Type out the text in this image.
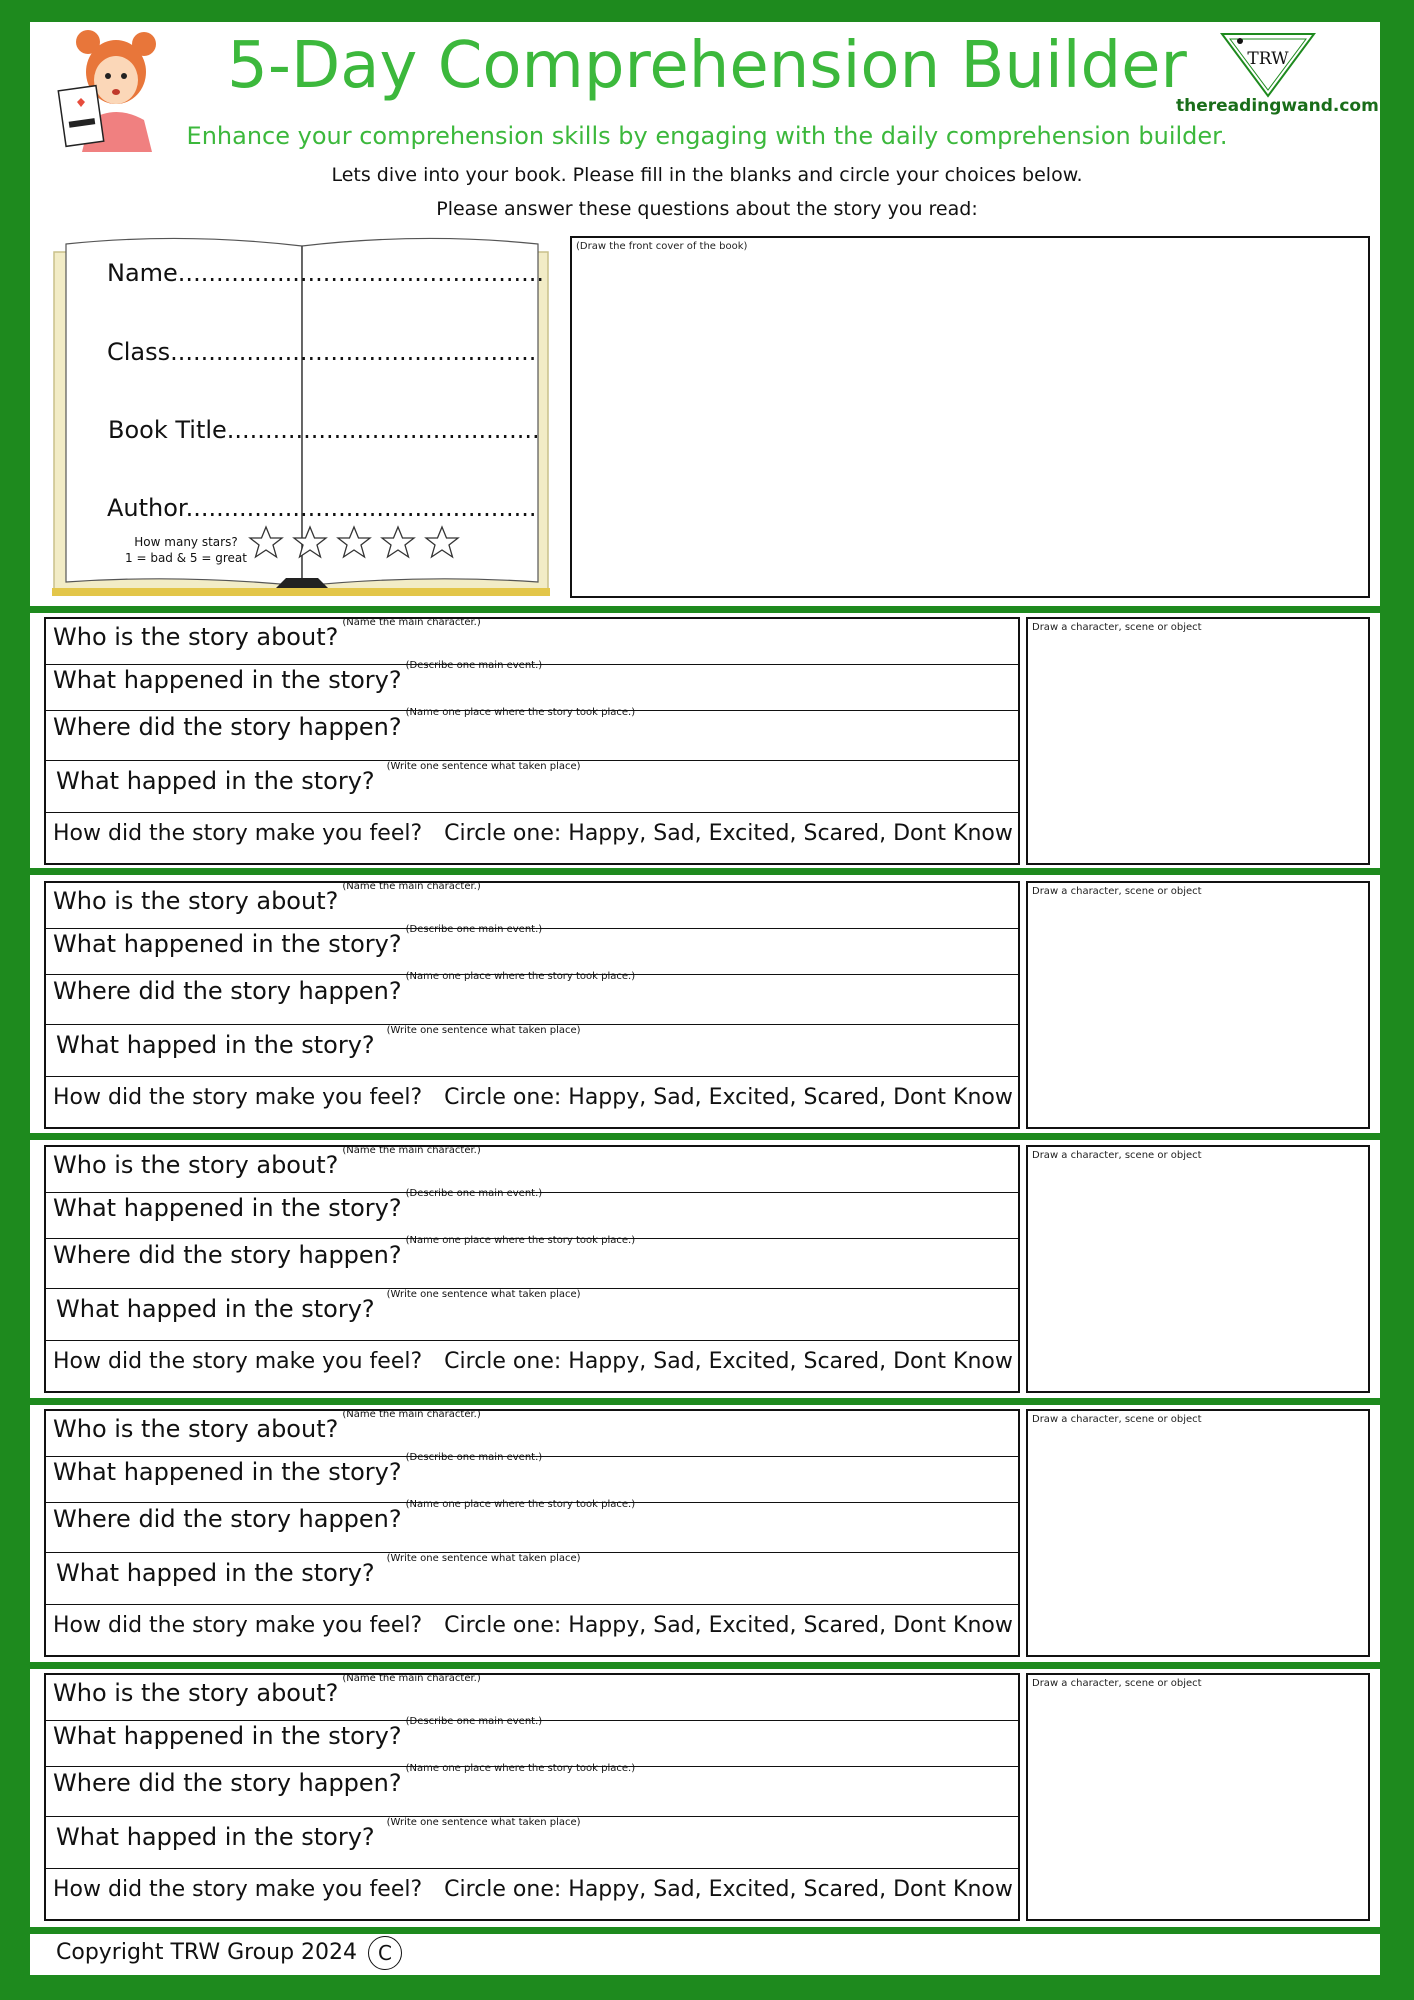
5-Day Comprehension Builder	TRW
thereadingwand.com
Enhance your comprehension skills by engaging with the daily comprehension builder.
Lets dive into your book. Please fill in the blanks and circle your choices below.
Please answer these questions about the story you read:
Name................................................
Class................................................
Book Title.........................................
Author..............................................
How many stars?
1 = bad & 5 = great
(Draw the front cover of the book)
Who is the story about?$^{(Name the main character.)}$
What happened in the story?$^{(Describe one main event.)}$
Where did the story happen?$^{(Name one place where the story took place.)}$
What happed in the story?$^{(Write one sentence what taken place)}$
How did the story make you feel? Circle one: Happy, Sad, Excited, Scared, Dont Know
Draw a character, scene or object
Who is the story about?$^{(Name the main character.)}$
What happened in the story?$^{(Describe one main event.)}$
Where did the story happen?$^{(Name one place where the story took place.)}$
What happed in the story?$^{(Write one sentence what taken place)}$
How did the story make you feel? Circle one: Happy, Sad, Excited, Scared, Dont Know
Draw a character, scene or object
Who is the story about?$^{(Name the main character.)}$
What happened in the story?$^{(Describe one main event.)}$
Where did the story happen?$^{(Name one place where the story took place.)}$
What happed in the story?$^{(Write one sentence what taken place)}$
How did the story make you feel? Circle one: Happy, Sad, Excited, Scared, Dont Know
Draw a character, scene or object
Who is the story about?$^{(Name the main character.)}$
What happened in the story?$^{(Describe one main event.)}$
Where did the story happen?$^{(Name one place where the story took place.)}$
What happed in the story?$^{(Write one sentence what taken place)}$
How did the story make you feel? Circle one: Happy, Sad, Excited, Scared, Dont Know
Draw a character, scene or object
Who is the story about?$^{(Name the main character.)}$
What happened in the story?$^{(Describe one main event.)}$
Where did the story happen?$^{(Name one place where the story took place.)}$
What happed in the story?$^{(Write one sentence what taken place)}$
How did the story make you feel? Circle one: Happy, Sad, Excited, Scared, Dont Know
Draw a character, scene or object
Copyright TRW Group 2024 C
